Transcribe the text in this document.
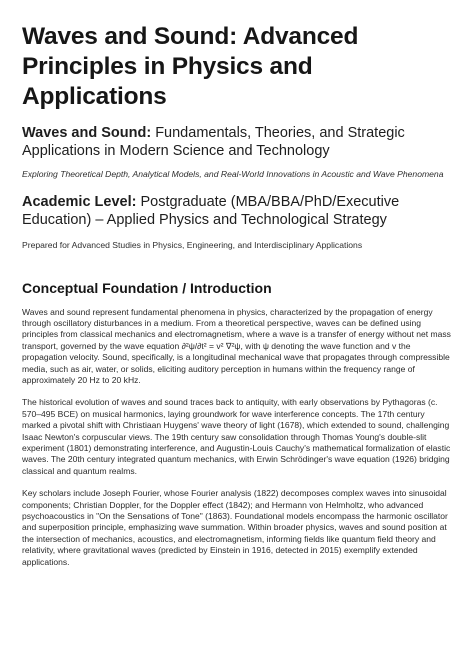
Waves and Sound: Advanced Principles in Physics and Applications

Waves and Sound: Fundamentals, Theories, and Strategic Applications in Modern Science and Technology

Exploring Theoretical Depth, Analytical Models, and Real-World Innovations in Acoustic and Wave Phenomena

Academic Level: Postgraduate (MBA/BBA/PhD/Executive Education) – Applied Physics and Technological Strategy

Prepared for Advanced Studies in Physics, Engineering, and Interdisciplinary Applications

Conceptual Foundation / Introduction

Waves and sound represent fundamental phenomena in physics, characterized by the propagation of energy through oscillatory disturbances in a medium. From a theoretical perspective, waves can be defined using principles from classical mechanics and electromagnetism, where a wave is a transfer of energy without net mass transport, governed by the wave equation ∂²ψ/∂t² = v² ∇²ψ, with ψ denoting the wave function and v the propagation velocity. Sound, specifically, is a longitudinal mechanical wave that propagates through compressible media, such as air, water, or solids, eliciting auditory perception in humans within the frequency range of approximately 20 Hz to 20 kHz.

The historical evolution of waves and sound traces back to antiquity, with early observations by Pythagoras (c. 570–495 BCE) on musical harmonics, laying groundwork for wave interference concepts. The 17th century marked a pivotal shift with Christiaan Huygens' wave theory of light (1678), which extended to sound, challenging Isaac Newton's corpuscular views. The 19th century saw consolidation through Thomas Young's double-slit experiment (1801) demonstrating interference, and Augustin-Louis Cauchy's mathematical formalization of elastic waves. The 20th century integrated quantum mechanics, with Erwin Schrödinger's wave equation (1926) bridging classical and quantum realms.

Key scholars include Joseph Fourier, whose Fourier analysis (1822) decomposes complex waves into sinusoidal components; Christian Doppler, for the Doppler effect (1842); and Hermann von Helmholtz, who advanced psychoacoustics in "On the Sensations of Tone" (1863). Foundational models encompass the harmonic oscillator and superposition principle, emphasizing wave summation. Within broader physics, waves and sound position at the intersection of mechanics, acoustics, and electromagnetism, informing fields like quantum field theory and relativity, where gravitational waves (predicted by Einstein in 1916, detected in 2015) exemplify extended applications.
